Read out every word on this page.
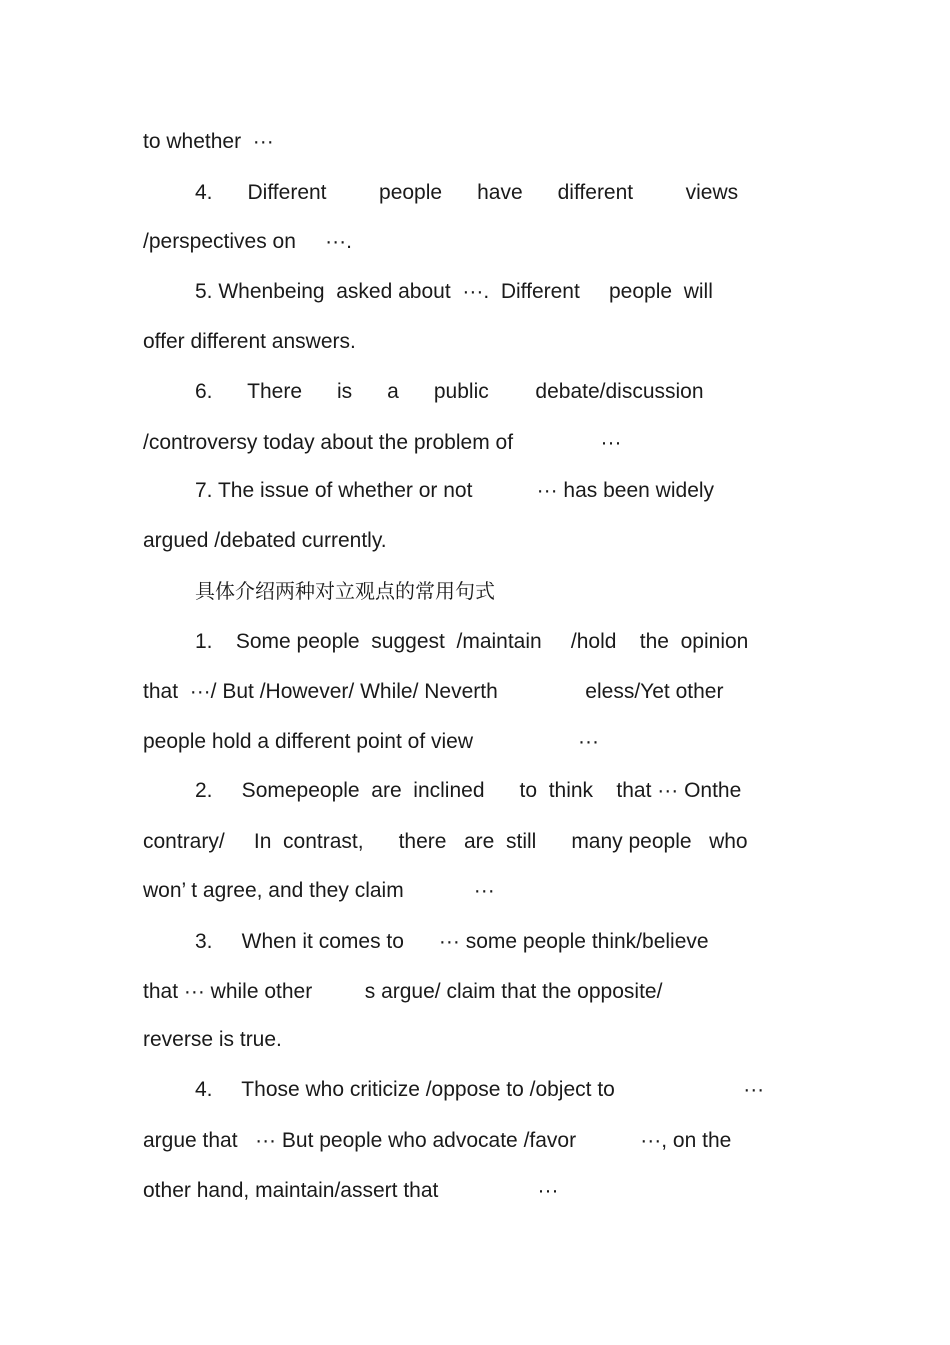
to whether  ···
4.      Different         people      have      different         views
/perspectives on     ···.
5. Whenbeing  asked about  ···.  Different     people  will
offer different answers.
6.      There      is      a      public        debate/discussion
/controversy today about the problem of               ···
7. The issue of whether or not           ··· has been widely
argued /debated currently.
具体介绍两种对立观点的常用句式
1.    Some people  suggest  /maintain     /hold    the  opinion
that  ···/ But /However/ While/ Neverth               eless/Yet other
people hold a different point of view                  ···
2.     Somepeople  are  inclined      to  think    that ··· Onthe
contrary/     In  contrast,      there   are  still      many people   who
won’ t agree, and they claim            ···
3.     When it comes to      ··· some people think/believe
that ··· while other         s argue/ claim that the opposite/
reverse is true.
4.     Those who criticize /oppose to /object to                      ···
argue that   ··· But people who advocate /favor           ···, on the
other hand, maintain/assert that                 ···
